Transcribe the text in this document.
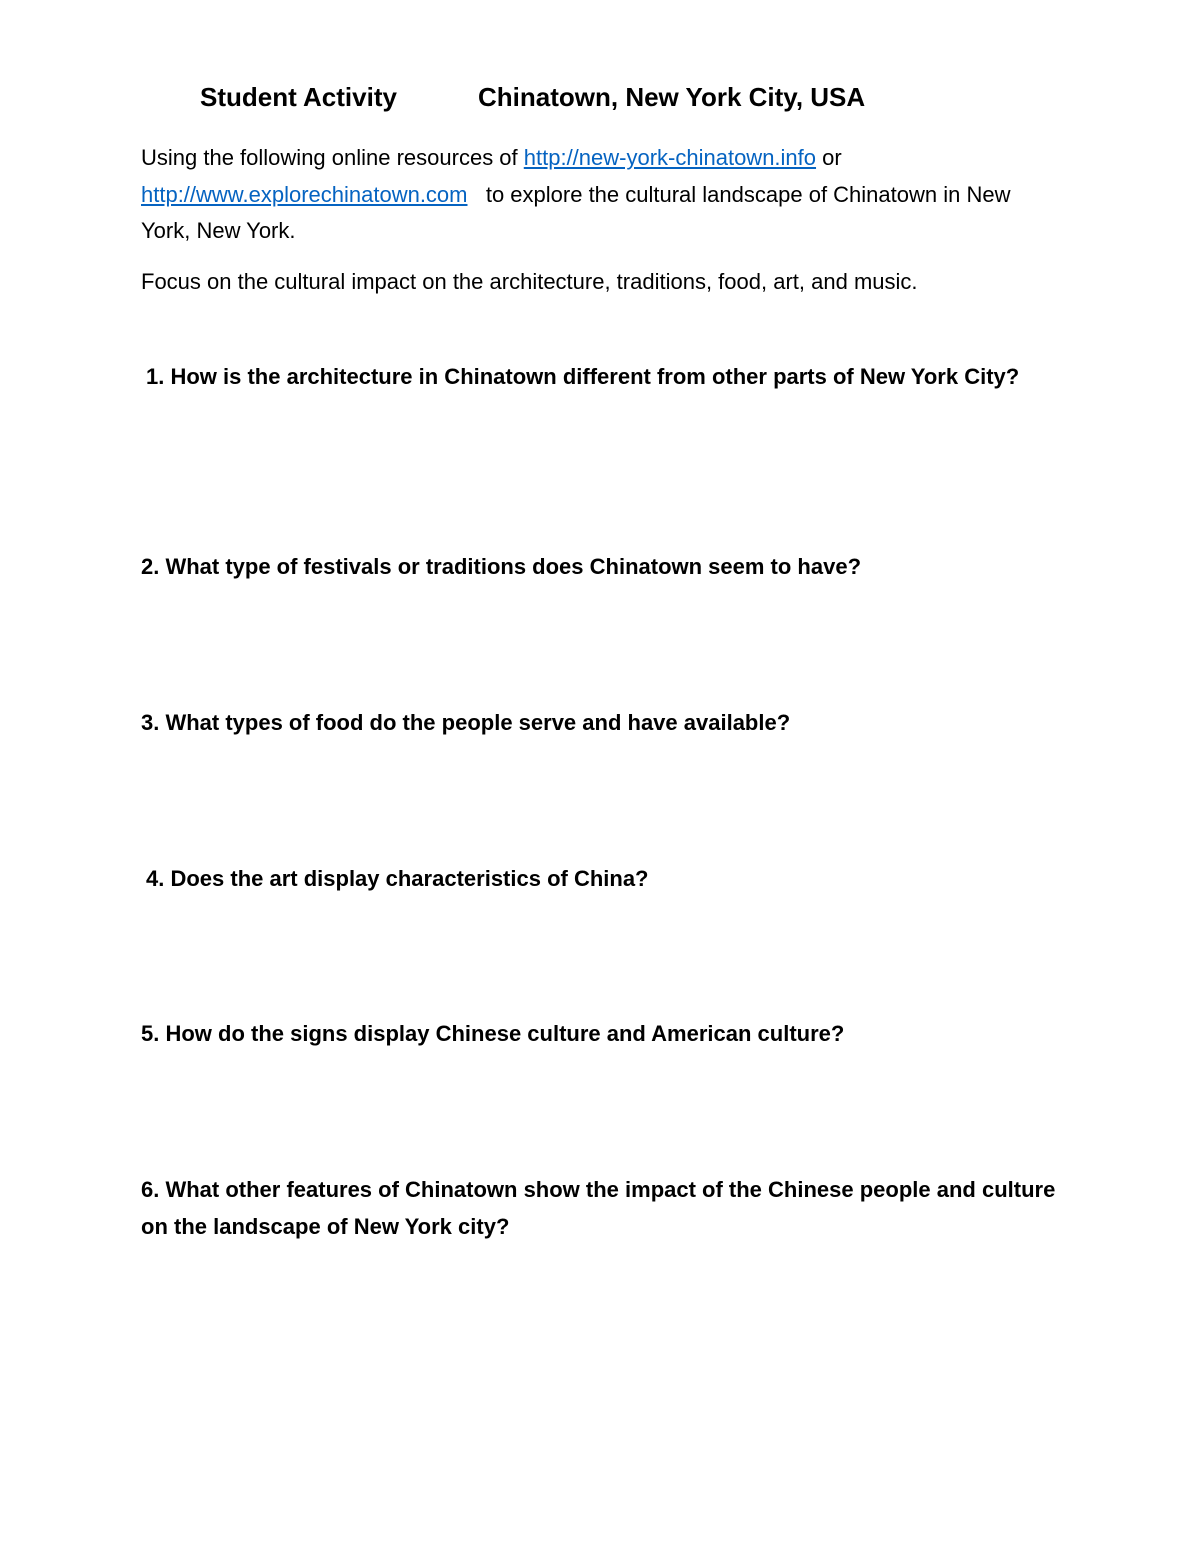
Student Activity	Chinatown, New York City, USA
Using the following online resources of http://new-york-chinatown.info or http://www.explorechinatown.com   to explore the cultural landscape of Chinatown in New York, New York.
Focus on the cultural impact on the architecture, traditions, food, art, and music.
1. How is the architecture in Chinatown different from other parts of New York City?
2. What type of festivals or traditions does Chinatown seem to have?
3. What types of food do the people serve and have available?
4. Does the art display characteristics of China?
5. How do the signs display Chinese culture and American culture?
6. What other features of Chinatown show the impact of the Chinese people and culture on the landscape of New York city?
